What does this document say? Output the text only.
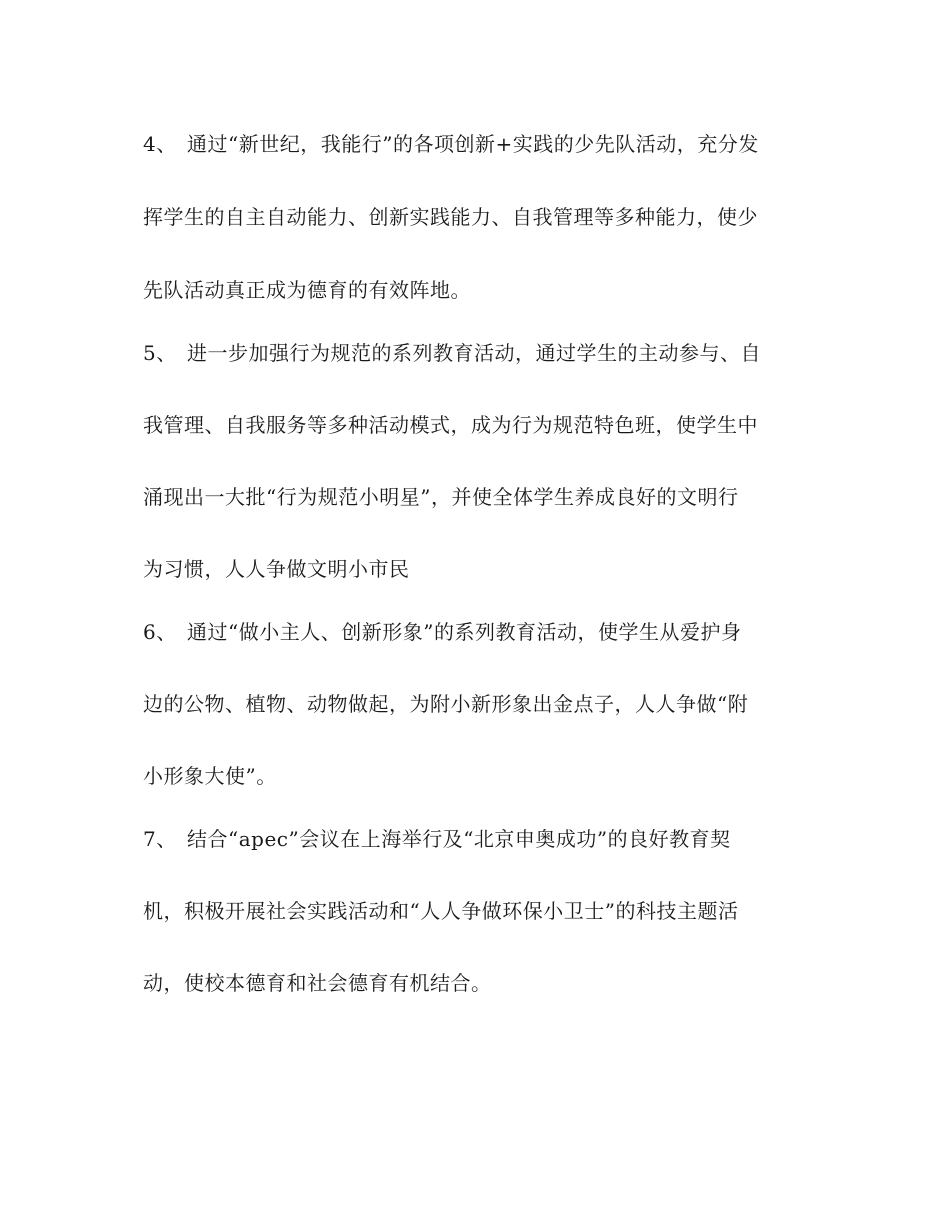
4、 通过“新世纪，我能行”的各项创新+实践的少先队活动，充分发

挥学生的自主自动能力、创新实践能力、自我管理等多种能力，使少

先队活动真正成为德育的有效阵地。

5、 进一步加强行为规范的系列教育活动，通过学生的主动参与、自

我管理、自我服务等多种活动模式，成为行为规范特色班，使学生中

涌现出一大批“行为规范小明星”，并使全体学生养成良好的文明行

为习惯，人人争做文明小市民

6、 通过“做小主人、创新形象”的系列教育活动，使学生从爱护身

边的公物、植物、动物做起，为附小新形象出金点子，人人争做“附

小形象大使”。

7、 结合“apec”会议在上海举行及“北京申奥成功”的良好教育契

机，积极开展社会实践活动和“人人争做环保小卫士”的科技主题活

动，使校本德育和社会德育有机结合。
